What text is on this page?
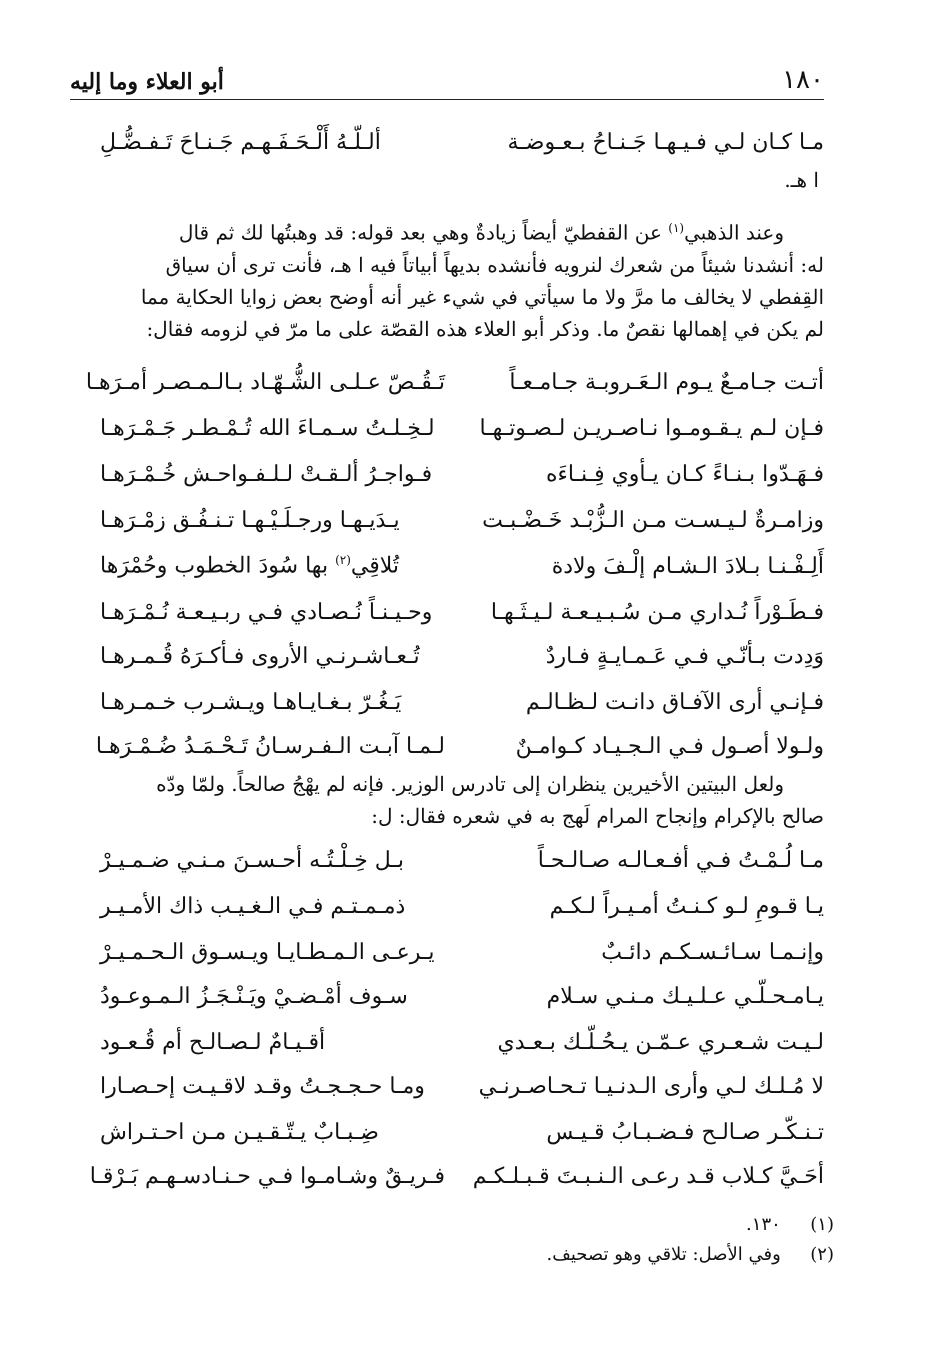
١٨٠
أبو العلاء وما إليه
مـا كـان لـي فـيـهـا جَـنـاحُ بـعـوضـة
ألـلّـهُ أَلْـحَـفَـهـم جَـنـاحَ تَـفـضُّـلِ
ا هـ.
وعند الذهبي$^{(١)}$ عن القفطيّ أيضاً زيادةٌ وهي بعد قوله: قد وهبتُها لك ثم قال
له: أنشدنا شيئاً من شعرك لنرويه فأنشده بديهاً أبياتاً فيه ا هـ، فأنت ترى أن سياق
القِفطي لا يخالف ما مرَّ ولا ما سيأتي في شيء غير أنه أوضح بعض زوايا الحكاية مما
لم يكن في إهمالها نقصٌ ما. وذكر أبو العلاء هذه القصّة على ما مرّ في لزومه فقال:
أتـت جـامـعٌ يـوم الـعَـروبـة جـامـعـاً
تَـقُـصّ عـلـى الشُّـهّـاد بـالـمـصـر أمـرَهـا
فـإن لـم يـقـومـوا نـاصـريـن لـصـوتـهـا
لـخِـلـتُ سـمـاءَ الله تُـمْـطـر جَـمْـرَهـا
فـهَـدّوا بـنـاءً كـان يـأوي فِـنـاءَه
فـواجـرُ ألـقـتْ لـلـفـواحـش خُـمْـرَهـا
وزامـرةٌ لـيـسـت مـن الـزُّبْـد خَـضْـبـت
يـدَيـهـا ورجـلَـيْـهـا تـنـفُـق زمْـرَهـا
أَلِـفْـنـا بـلادَ الـشـام إلْـفَ ولادة
تُلاقِي$^{(٢)}$ بها سُودَ الخطوب وحُمْرَها
فـطَـوْراً نُـداري مـن سُـبـيـعـة لـيـثَـهـا
وحـيـنـاً نُـصـادي فـي ربـيـعـة نُـمْـرَهـا
وَدِدت بـأنّـي فـي عَـمـايـةٍ فـاردٌ
تُـعـاشـرنـي الأروى فـأكـرَهُ قُـمـرهـا
فـإنـي أرى الآفـاق دانـت لـظـالـم
يَـغُـرّ بـغـايـاهـا ويـشـرب خـمـرهـا
ولـولا أصـول فـي الـجـيـاد كـوامـنٌ
لـمـا آبـت الـفـرسـانُ تَـحْـمَـدُ ضُـمْـرَهـا
ولعل البيتين الأخيرين ينظران إلى تادرس الوزير. فإنه لم يهْجُ صالحاً. ولمّا ودّه
صالح بالإكرام وإنجاح المرام لَهج به في شعره فقال: ل:
مـا لُـمْـتُ فـي أفـعـالـه صـالـحـاً
بـل خِـلْـتُـه أحـسـنَ مـنـي ضـمـيـرْ
يـا قـومِ لـو كـنـتُ أمـيـراً لـكـم
ذمـمـتـم فـي الـغـيـب ذاك الأمـيـر
وإنـمـا سـائـسـكـم دائـبٌ
يـرعـى الـمـطـايـا ويـسـوق الـحـمـيـرْ
يـامـحـلّـي عـلـيـك مـنـي سـلام
سـوف أمْـضـيْ ويَـنْـجَـزُ الـمـوعـودُ
لـيـت شـعـري عـمّـن يـحُـلّـك بـعـدي
أقـيـامٌ لـصـالـح أم قُـعـود
لا مُـلـك لـي وأرى الـدنـيـا تـحـاصـرنـي
ومـا حـجـجـتُ وقـد لاقـيـت إحـصـارا
تـنـكّـر صـالـح فـضـبـابُ قـيـس
ضِـبـابٌ يـتّـقـيـن مـن احـتـراش
أحَـيَّ كـلاب قـد رعـى الـنـبـتَ قـبـلـكـم
فـريـقٌ وشـامـوا فـي حـنـادسـهـم بَـرْقـا
(١)  ١٣٠.
(٢)  وفي الأصل: تلاقي وهو تصحيف.
